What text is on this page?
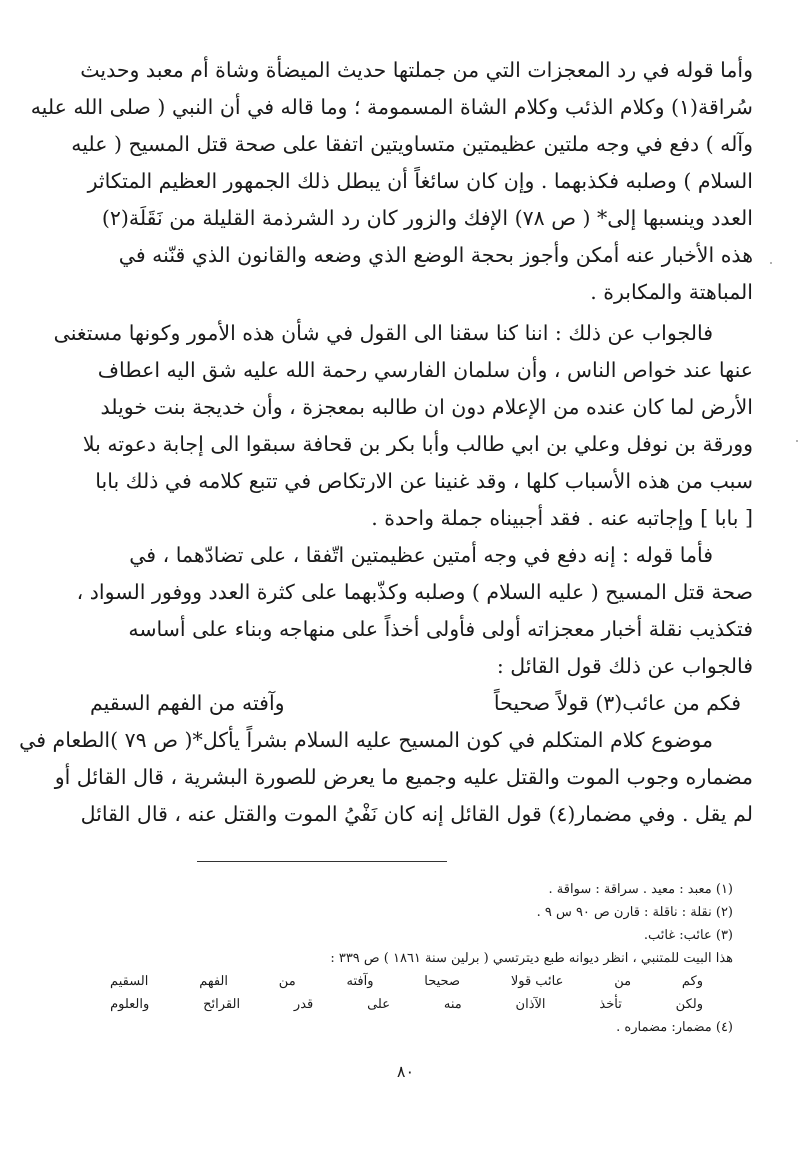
وأما قوله في رد المعجزات التي من جملتها حديث الميضأة وشاة أم معبد وحديث
سُراقة(١) وكلام الذئب وكلام الشاة المسمومة ؛ وما قاله في أن النبي ( صلى الله عليه
وآله ) دفع في وجه ملتين عظيمتين متساويتين اتفقا على صحة قتل المسيح ( عليه
السلام ) وصلبه فكذبهما . وإن كان سائغاً أن يبطل ذلك الجمهور العظيم المتكاثر
العدد وينسبها إلى* ( ص ٧٨) الإفك والزور كان رد الشرذمة القليلة من نَقَلَة(٢)
هذه الأخبار عنه أمكن وأجوز بحجة الوضع الذي وضعه والقانون الذي قنّنه في
المباهتة والمكابرة .

فالجواب عن ذلك : اننا كنا سقنا الى القول في شأن هذه الأمور وكونها مستغنى
عنها عند خواص الناس ، وأن سلمان الفارسي رحمة الله عليه شق اليه اعطاف
الأرض لما كان عنده من الإعلام دون ان طالبه بمعجزة ، وأن خديجة بنت خويلد
وورقة بن نوفل وعلي بن ابي طالب وأبا بكر بن قحافة سبقوا الى إجابة دعوته بلا
سبب من هذه الأسباب كلها ، وقد غنينا عن الارتكاص في تتبع كلامه في ذلك بابا
[ بابا ] وإجاتبه عنه . فقد أجبيناه جملة واحدة .

فأما قوله : إنه دفع في وجه أمتين عظيمتين اتّفقا ، على تضادّهما ، في
صحة قتل المسيح ( عليه السلام ) وصلبه وكذّبهما على كثرة العدد ووفور السواد ،
فتكذيب نقلة أخبار معجزاته أولى فأولى أخذاً على منهاجه وبناء على أساسه
فالجواب عن ذلك قول القائل :

فكم من عائب(٣) قولاً صحيحاً
وآفته من الفهم السقيم

موضوع كلام المتكلم في كون المسيح عليه السلام بشراً يأكل*( ص ٧٩ )الطعام في
مضماره وجوب الموت والقتل عليه وجميع ما يعرض للصورة البشرية ، قال القائل أو
لم يقل . وفي مضمار(٤) قول القائل إنه كان نَفْيُ الموت والقتل عنه ، قال القائل

(١) معبد : معيد . سراقة : سواقة .
(٢) نقلة : ناقلة : قارن ص ٩٠ س ٩ .
(٣) عائب: غائب.
هذا البيت للمتنبي ، انظر ديوانه طبع ديترتسي ( برلين سنة ١٨٦١ ) ص ٣٣٩ :
وكم
من
عائب قولا
صحيحا
وآفته
من
الفهم
السقيم
ولكن
تأخذ
الآذان
منه
على
قدر
القرائح
والعلوم
(٤) مضمار: مضماره .
٨٠
